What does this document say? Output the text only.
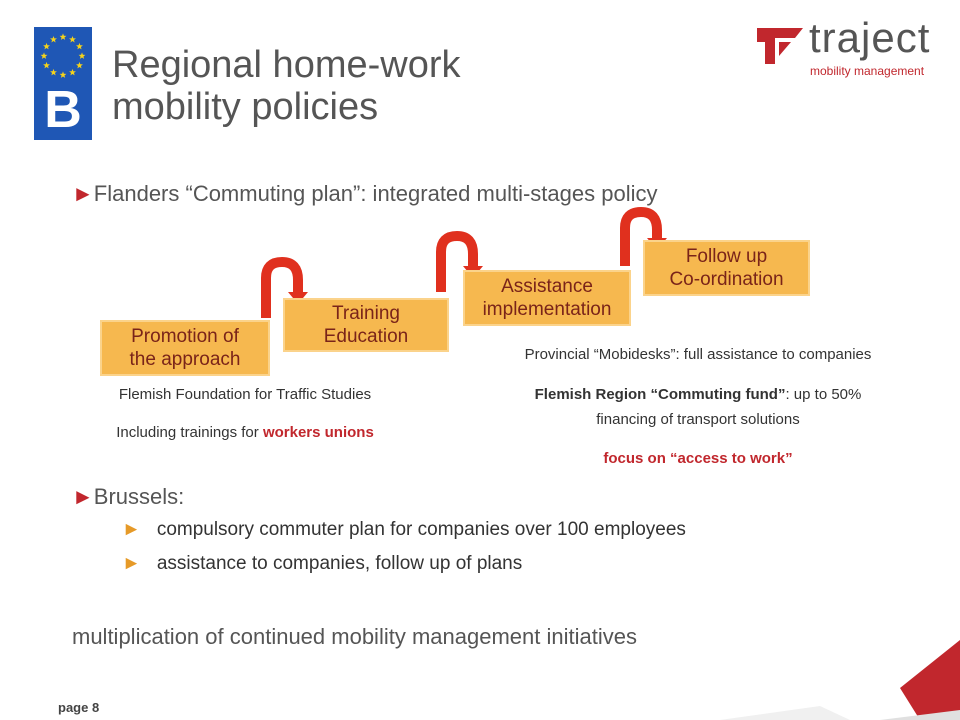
B
Regional home-work
mobility policies
traject
mobility management
►Flanders “Commuting plan”: integrated multi-stages policy
Promotion of
the approach
Training
Education
Assistance
implementation
Follow up
Co-ordination
Flemish Foundation for Traffic Studies
Including trainings for workers unions
Provincial “Mobidesks”: full assistance to companies
Flemish Region “Commuting fund”: up to 50%
financing of transport solutions
focus on “access to work”
►Brussels:
► compulsory commuter plan for companies over 100 employees
► assistance to companies, follow up of plans
multiplication of continued mobility management initiatives
page 8
